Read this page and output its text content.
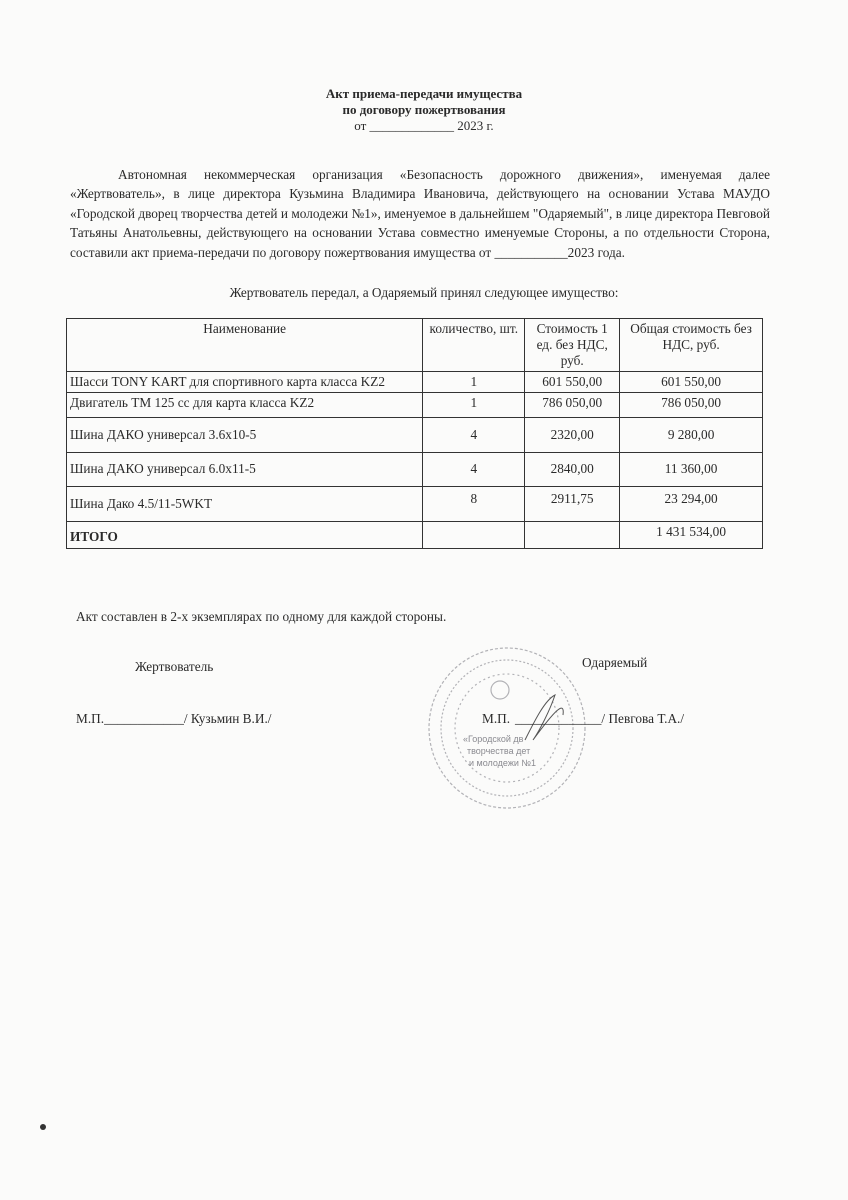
Акт приема-передачи имущества
по договору пожертвования
от _____________ 2023 г.
Автономная некоммерческая организация «Безопасность дорожного движения», именуемая далее «Жертвователь», в лице директора Кузьмина Владимира Ивановича, действующего на основании Устава МАУДО «Городской дворец творчества детей и молодежи №1», именуемое в дальнейшем "Одаряемый", в лице директора Певговой Татьяны Анатольевны, действующего на основании Устава совместно именуемые Стороны, а по отдельности Сторона, составили акт приема-передачи по договору пожертвования имущества от ___________2023 года.
Жертвователь передал, а Одаряемый принял следующее имущество:
Наименование	количество, шт.	Стоимость 1 ед. без НДС, руб.	Общая стоимость без НДС, руб.
Шасси TONY KART для спортивного карта класса KZ2	1	601 550,00	601 550,00
Двигатель TM 125 cc для карта класса KZ2	1	786 050,00	786 050,00
Шина ДАКО универсал 3.6x10-5	4	2320,00	9 280,00
Шина ДАКО универсал 6.0x11-5	4	2840,00	11 360,00
Шина Дако 4.5/11-5WKT	8	2911,75	23 294,00
ИТОГО			1 431 534,00
Акт составлен в 2-х экземплярах по одному для каждой стороны.
Жертвователь
М.П.____________/ Кузьмин В.И./
«Городской дв
творчества дет
и молодежи №1
Одаряемый
М.П. _____________/ Певгова Т.А./
